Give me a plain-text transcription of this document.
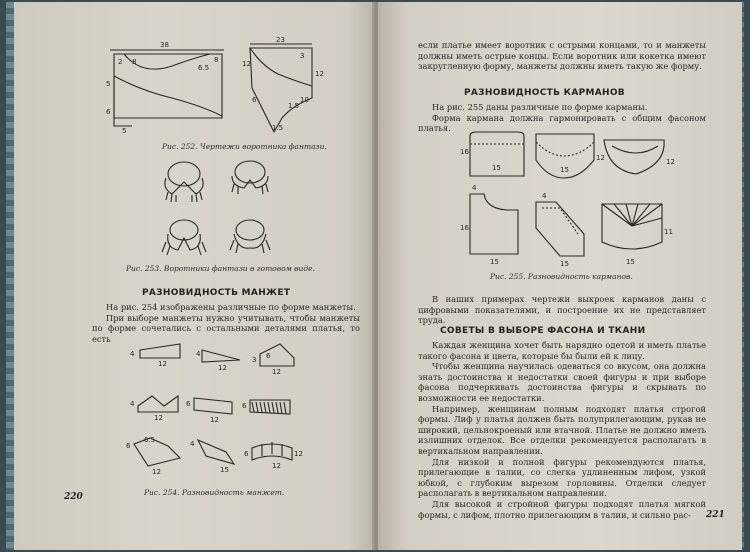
38
2 8
6.5
8
5
6
5
23
12
12
6
1.5
10
1.5
3
Рис. 252. Чертежи воротника фантази.
Рис. 253. Воротники фантази в готовом виде.
РАЗНОВИДНОСТЬ МАНЖЕТ

На рис. 254 изображены различные по форме манжеты.

При выборе манжеты нужно учитывать, чтобы манжеты по форме сочетались с остальными деталями платья, то есть

4
12
4
12
3 6
12
4
12
6
12
6
6
6.5
12
4
15
6
12
12
Рис. 254. Разновидность манжет.
220

если платье имеет воротник с острыми концами, то и манжеты должны иметь острые концы. Если воротник или кокетка имеют закругленную форму, манжеты должны иметь такую же форму.

РАЗНОВИДНОСТЬ КАРМАНОВ

На рис. 255 даны различные по форме карманы.

Форма кармана должна гармонировать с общим фасоном платья.

16
15	15
12	12
4
16
15
4
15	15
11
Рис. 255. Разновидность карманов.

В наших примерах чертежи выкроек карманов даны с цифровыми показателями, и построение их не представляет труда.

СОВЕТЫ В ВЫБОРЕ ФАСОНА И ТКАНИ

Каждая женщина хочет быть нарядно одетой и иметь платье такого фасона и цвета, которые бы были ей к лицу.

Чтобы женщина научилась одеваться со вкусом, она должна знать достоинства и недостатки своей фигуры и при выборе фасона подчеркивать достоинства фигуры и скрывать по возможности ее недостатки.

Например, женщинам полным подходят платья строгой формы. Лиф у платья должен быть полуприлегающим, рукав не широкий, цельнокроеный или втачной. Платье не должно иметь излишних отделок. Все отделки рекомендуется располагать в вертикальном направлении.

Для низкой и полной фигуры рекомендуются платья, прилегающие в талии, со слегка удлиненным лифом, узкой юбкой, с глубоким вырезом горловины. Отделки следует располагать в вертикальном направлении.

Для высокой и стройной фигуры подходят платья мягкой формы, с лифом, плотно прилегающим в талии, и сильно рас-	221
